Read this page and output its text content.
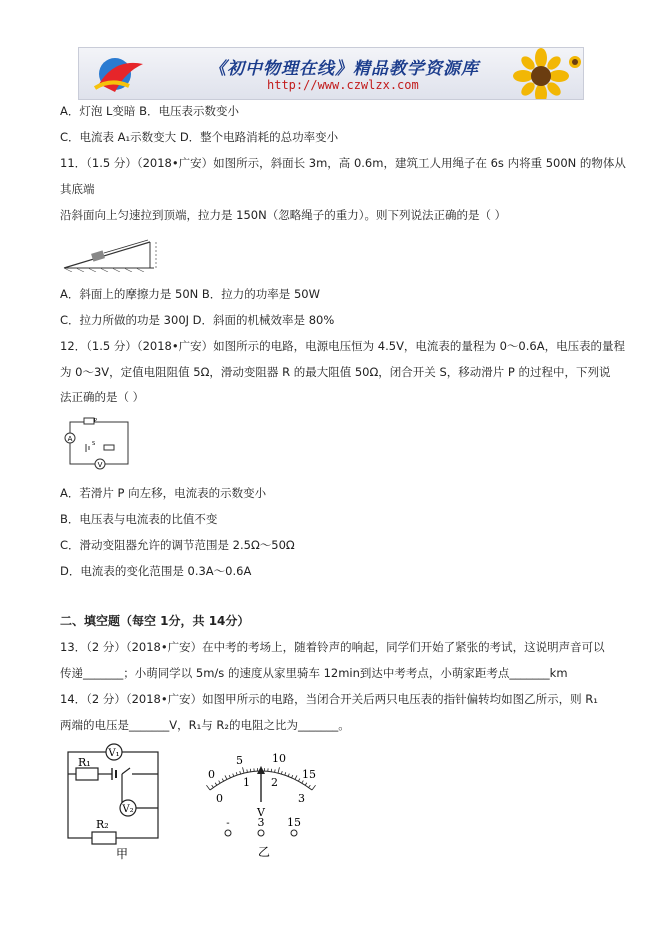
《初中物理在线》精品教学资源库
http://www.czwlzx.com
A．灯泡 L变暗 B．电压表示数变小
C．电流表 A₁示数变大 D．整个电路消耗的总功率变小
11．（1.5 分）（2018•广安）如图所示，斜面长 3m，高 0.6m，建筑工人用绳子在 6s 内将重 500N 的物体从
其底端
沿斜面向上匀速拉到顶端，拉力是 150N（忽略绳子的重力）。则下列说法正确的是（ ）
A．斜面上的摩擦力是 50N B．拉力的功率是 50W
C．拉力所做的功是 300J D．斜面的机械效率是 80%
12．（1.5 分）（2018•广安）如图所示的电路，电源电压恒为 4.5V，电流表的量程为 0～0.6A，电压表的量程
为 0～3V，定值电阻阻值 5Ω，滑动变阻器 R 的最大阻值 50Ω，闭合开关 S，移动滑片 P 的过程中，下列说
法正确的是（ ）
A
P
S
V
A．若滑片 P 向左移，电流表的示数变小
B．电压表与电流表的比值不变
C．滑动变阻器允许的调节范围是 2.5Ω～50Ω
D．电流表的变化范围是 0.3A～0.6A
二、填空题（每空 1分，共 14分）
13．（2 分）（2018•广安）在中考的考场上，随着铃声的响起，同学们开始了紧张的考试，这说明声音可以
传递_______；小萌同学以 5m/s 的速度从家里骑车 12min到达中考考点，小萌家距考点_______km
14．（2 分）（2018•广安）如图甲所示的电路，当闭合开关后两只电压表的指针偏转均如图乙所示，则 R₁
两端的电压是_______V，R₁与 R₂的电阻之比为_______。
V₁
V₂
R₁
R₂
甲
0
5	10
15
0
1 2
3
V
-	3 15
乙
